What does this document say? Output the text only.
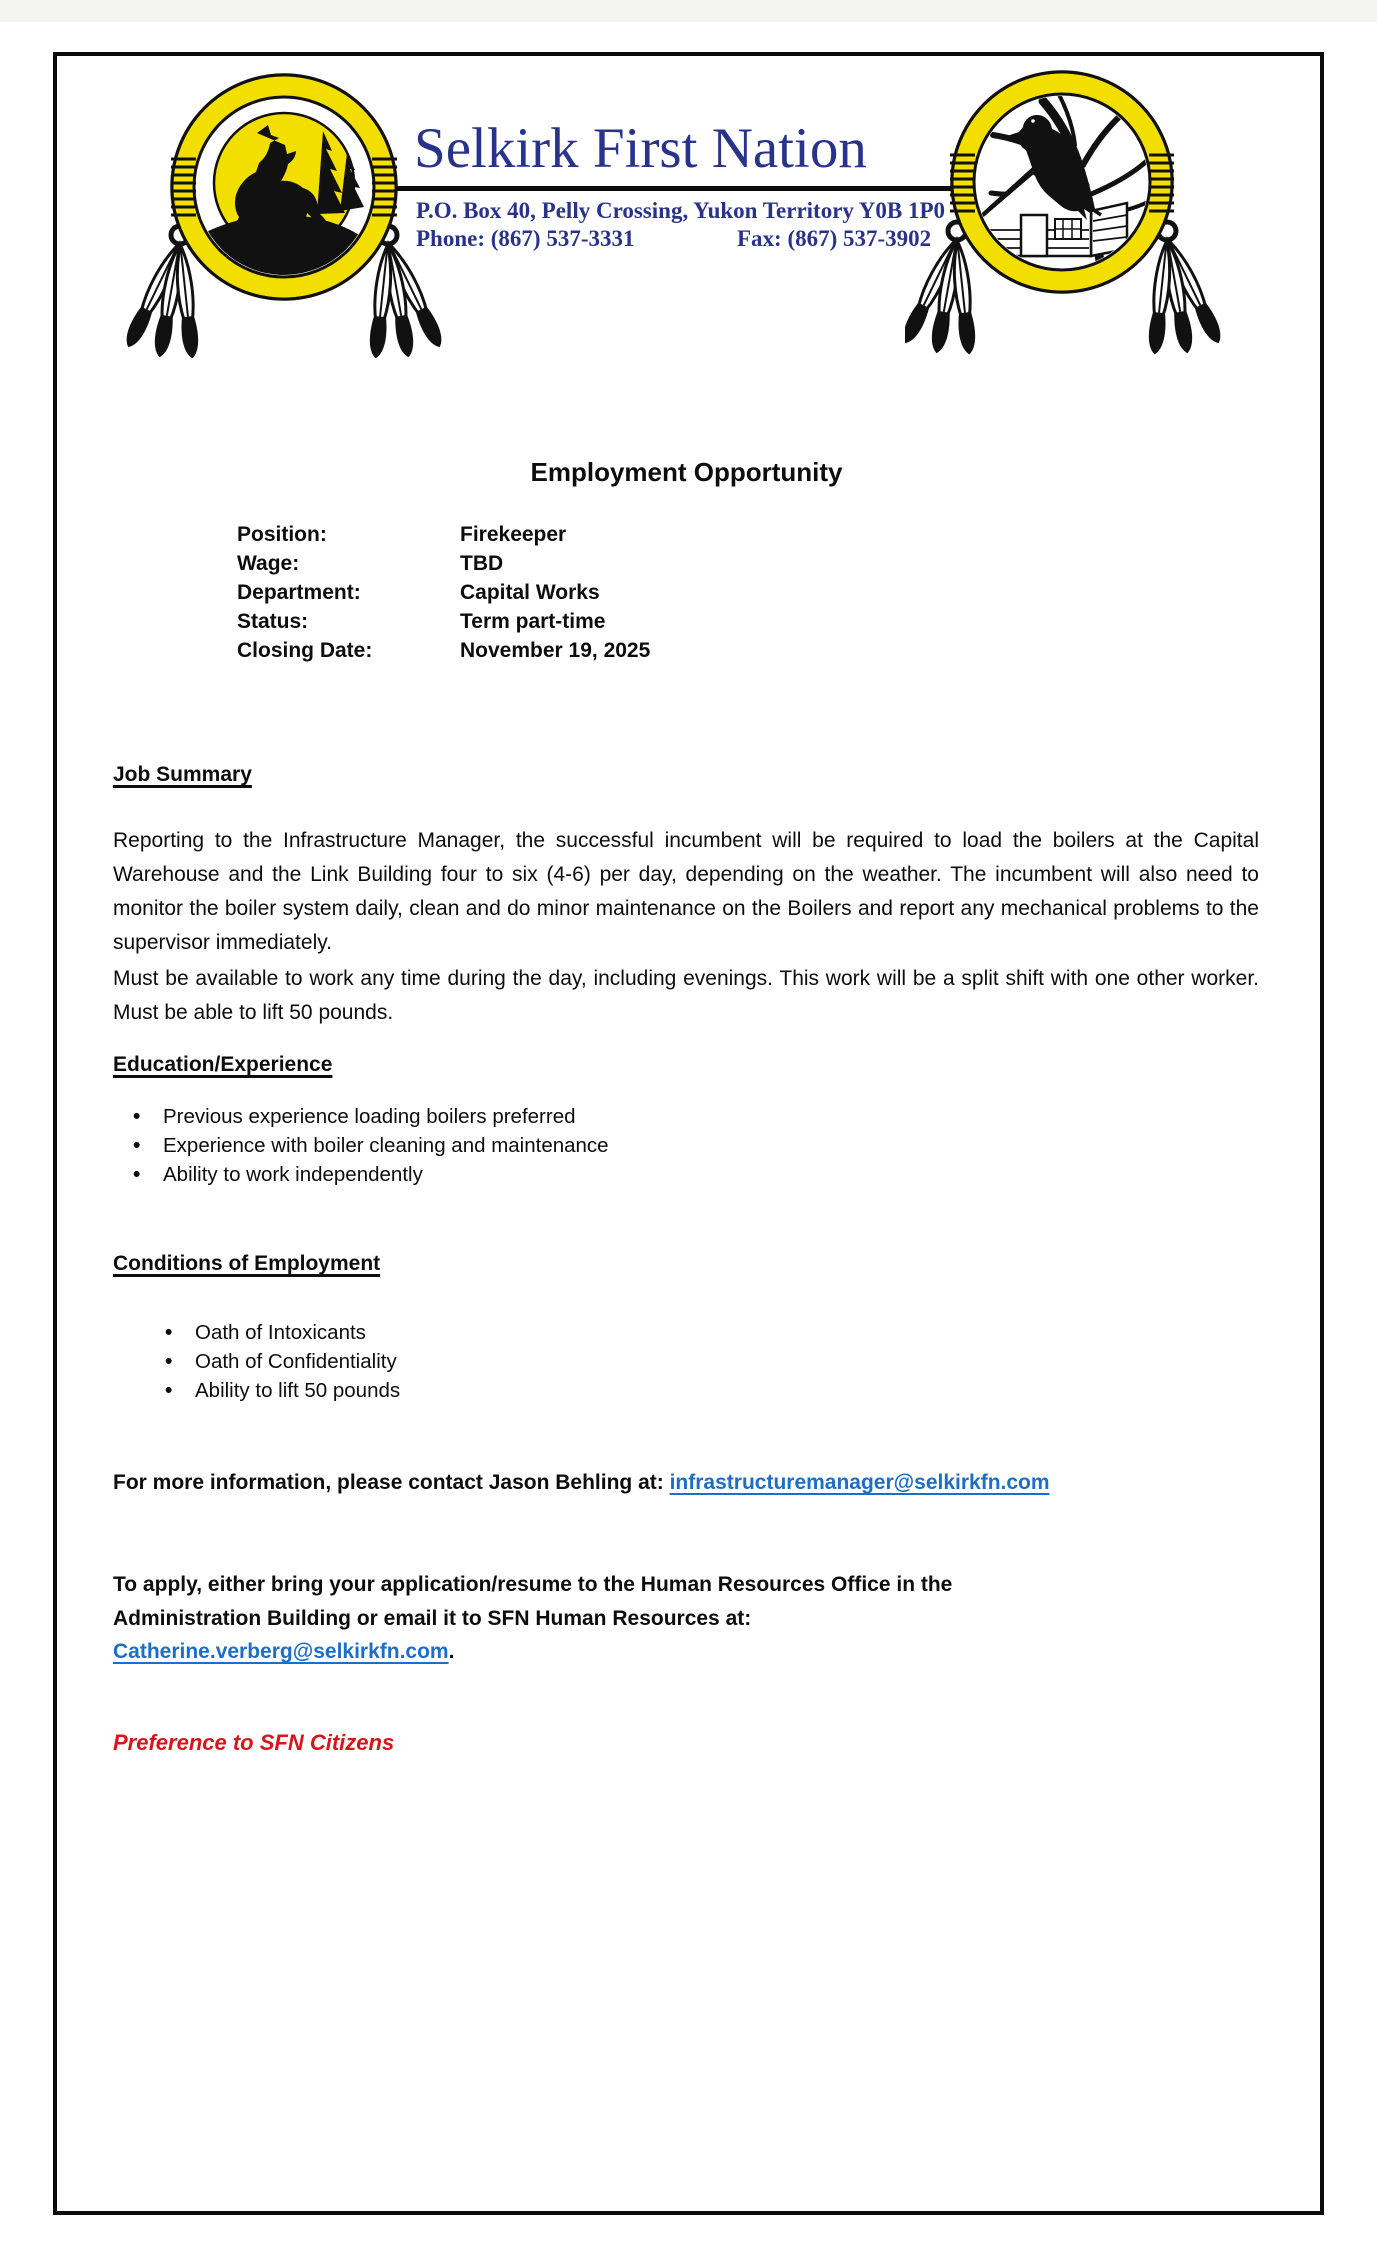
Selkirk First Nation
P.O. Box 40, Pelly Crossing, Yukon Territory Y0B 1P0
Phone: (867) 537-3331	Fax: (867) 537-3902
Employment Opportunity
Position:	Firekeeper
Wage:	TBD
Department:	Capital Works
Status:	Term part-time
Closing Date:	November 19, 2025
Job Summary
Reporting to the Infrastructure Manager, the successful incumbent will be required to load the boilers at the Capital Warehouse and the Link Building four to six (4-6) per day, depending on the weather. The incumbent will also need to monitor the boiler system daily, clean and do minor maintenance on the Boilers and report any mechanical problems to the supervisor immediately.
Must be available to work any time during the day, including evenings. This work will be a split shift with one other worker. Must be able to lift 50 pounds.
Education/Experience
•
Previous experience loading boilers preferred
•
Experience with boiler cleaning and maintenance
•
Ability to work independently
Conditions of Employment
•
Oath of Intoxicants
•
Oath of Confidentiality
•
Ability to lift 50 pounds
For more information, please contact Jason Behling at: infrastructuremanager@selkirkfn.com
To apply, either bring your application/resume to the Human Resources Office in the
Administration Building or email it to SFN Human Resources at:
Catherine.verberg@selkirkfn.com.
Preference to SFN Citizens
